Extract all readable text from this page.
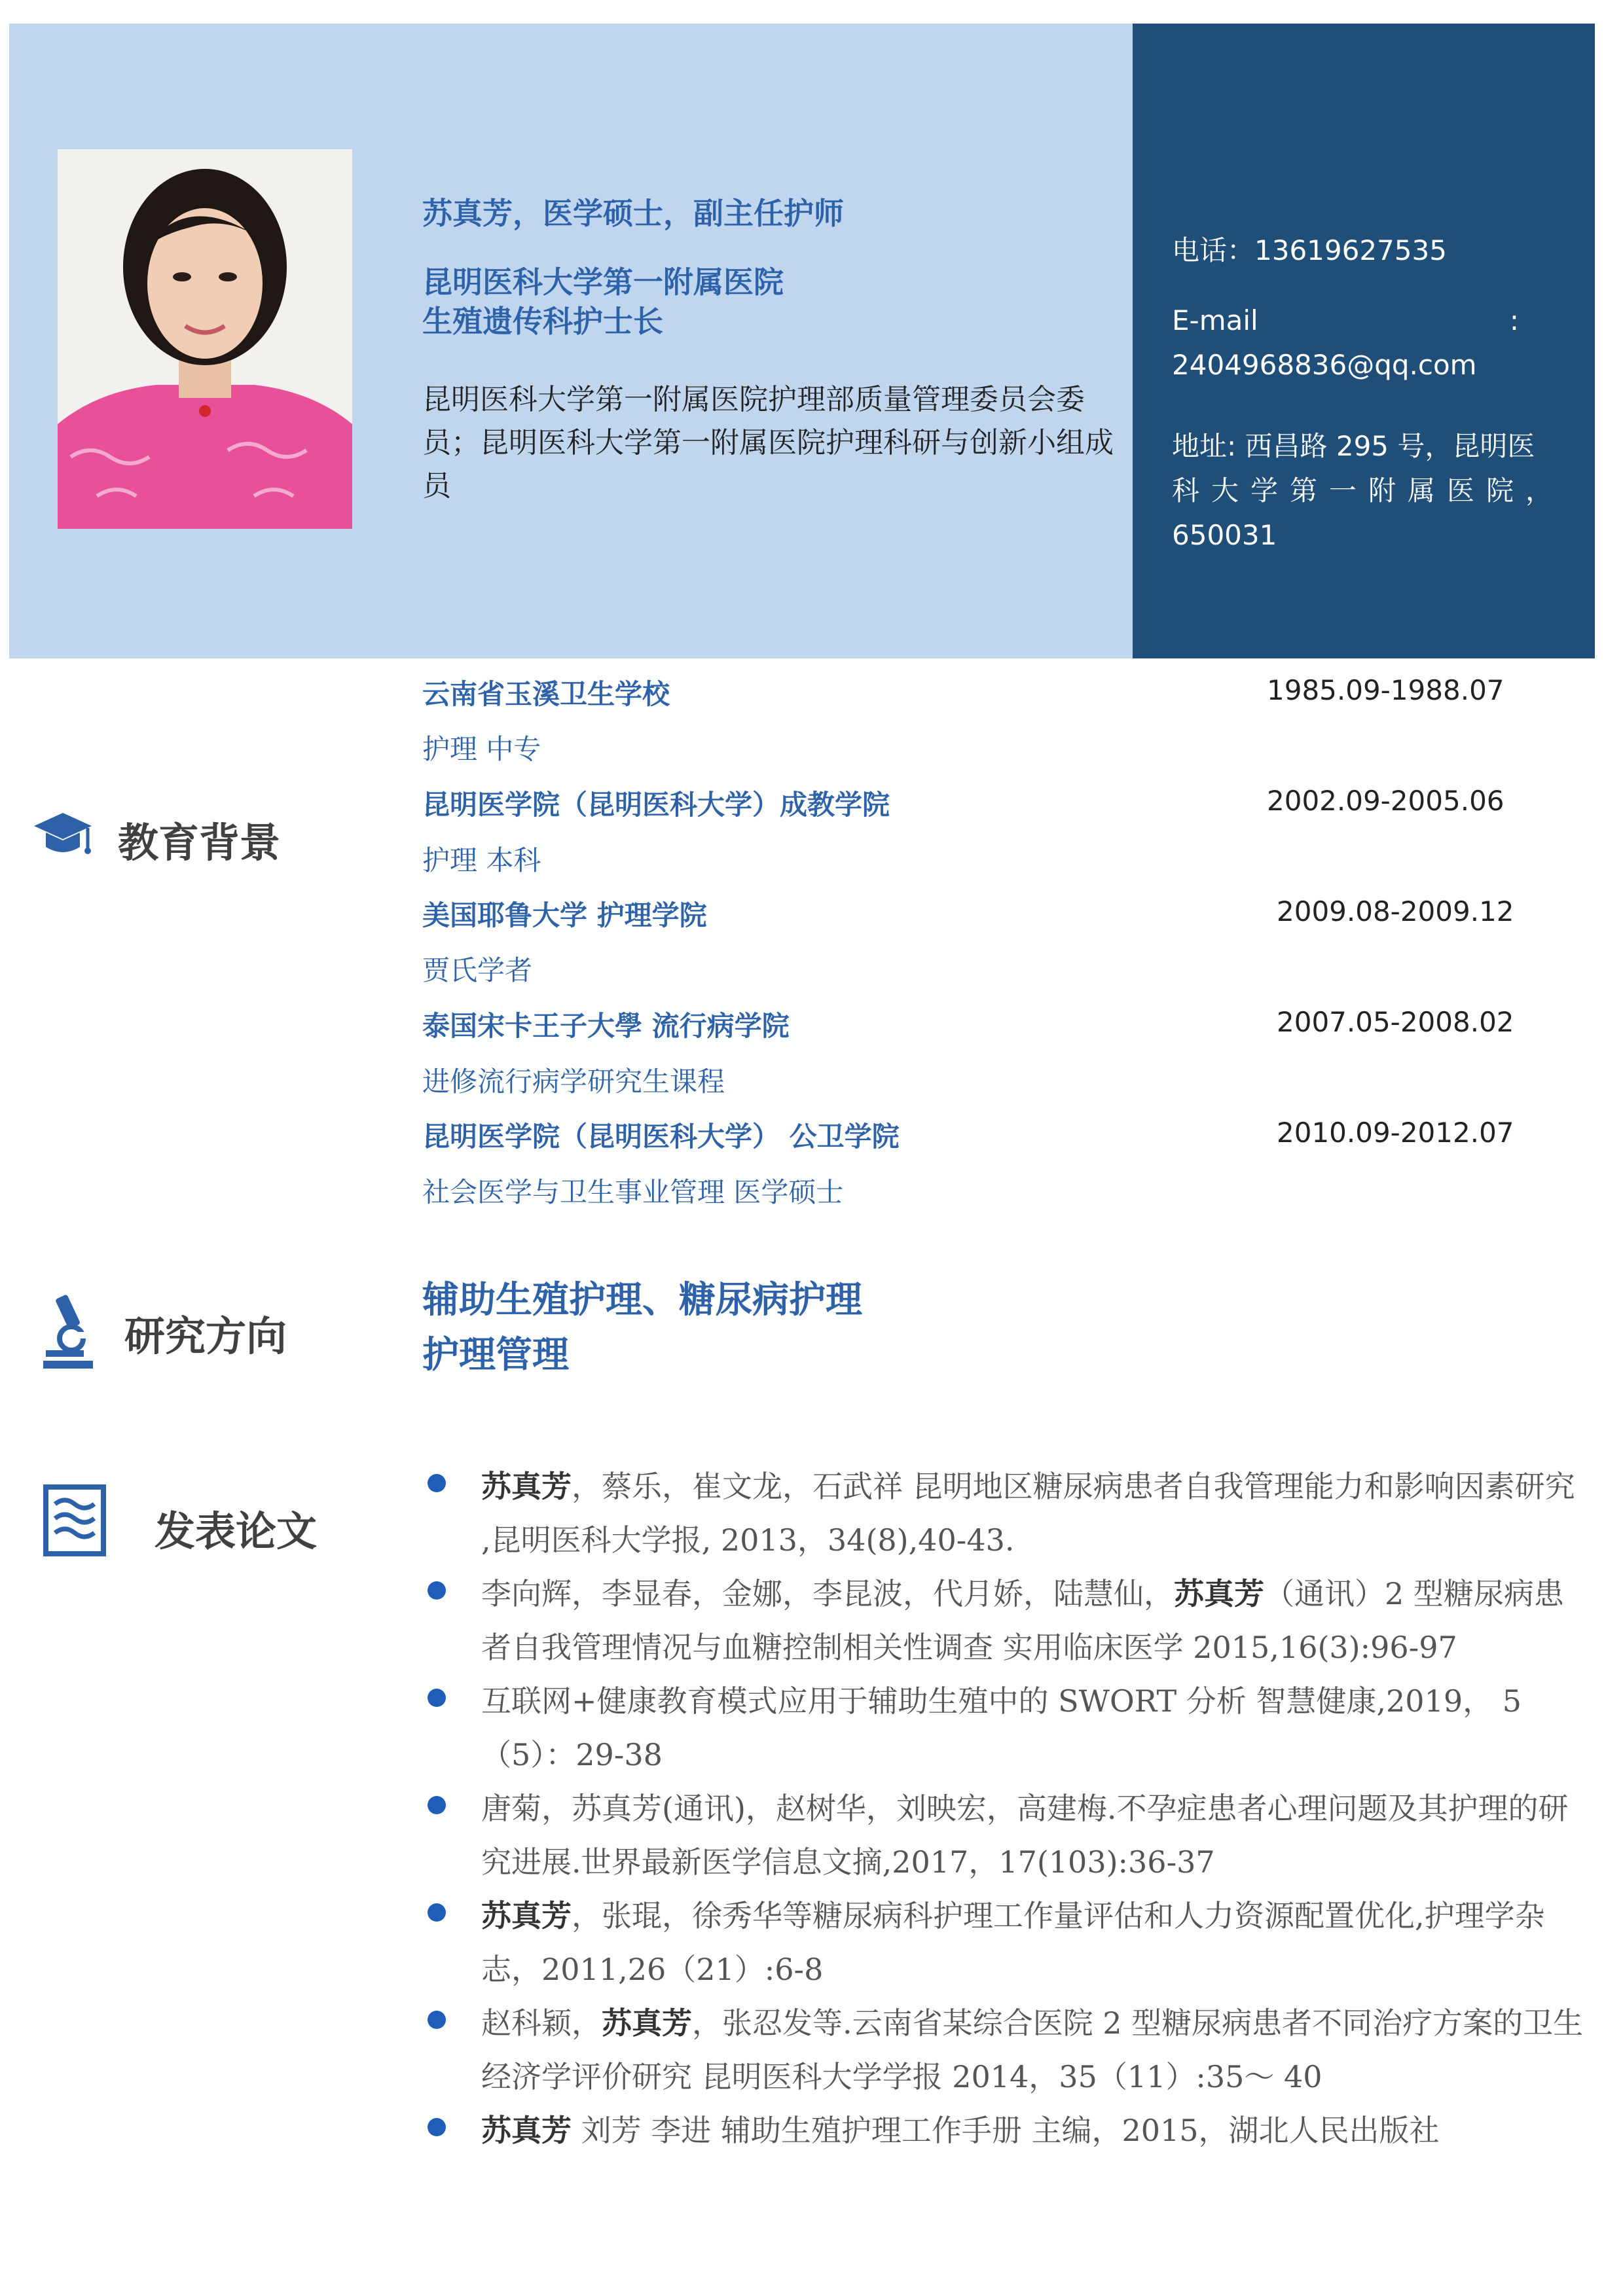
苏真芳，医学硕士，副主任护师
昆明医科大学第一附属医院
生殖遗传科护士长
昆明医科大学第一附属医院护理部质量管理委员会委员；昆明医科大学第一附属医院护理科研与创新小组成员
电话：13619627535
E-mail	:
2404968836@qq.com
地址: 西昌路 295 号，昆明医
科大学第一附属医院，
650031
教育背景
云南省玉溪卫生学校	1985.09-1988.07
护理 中专
昆明医学院（昆明医科大学）成教学院	2002.09-2005.06
护理 本科
美国耶鲁大学 护理学院	2009.08-2009.12
贾氏学者
泰国宋卡王子大學 流行病学院	2007.05-2008.02
进修流行病学研究生课程
昆明医学院（昆明医科大学） 公卫学院	2010.09-2012.07
社会医学与卫生事业管理 医学硕士
研究方向
辅助生殖护理、糖尿病护理
护理管理
发表论文
苏真芳，蔡乐，崔文龙，石武祥 昆明地区糖尿病患者自我管理能力和影响因素研究 ,昆明医科大学报, 2013，34(8),40-43.
李向辉，李显春，金娜，李昆波，代月娇，陆慧仙，苏真芳（通讯）2 型糖尿病患者自我管理情况与血糖控制相关性调查 实用临床医学 2015,16(3):96-97
互联网+健康教育模式应用于辅助生殖中的 SWORT 分析 智慧健康,2019， 5（5）：29-38
唐菊，苏真芳(通讯)，赵树华，刘映宏，高建梅.不孕症患者心理问题及其护理的研究进展.世界最新医学信息文摘,2017，17(103):36-37
苏真芳，张琨，徐秀华等糖尿病科护理工作量评估和人力资源配置优化,护理学杂志，2011,26（21）:6-8
赵科颖，苏真芳，张忍发等.云南省某综合医院 2 型糖尿病患者不同治疗方案的卫生经济学评价研究 昆明医科大学学报 2014，35（11）:35～ 40
苏真芳 刘芳 李进 辅助生殖护理工作手册 主编，2015，湖北人民出版社
